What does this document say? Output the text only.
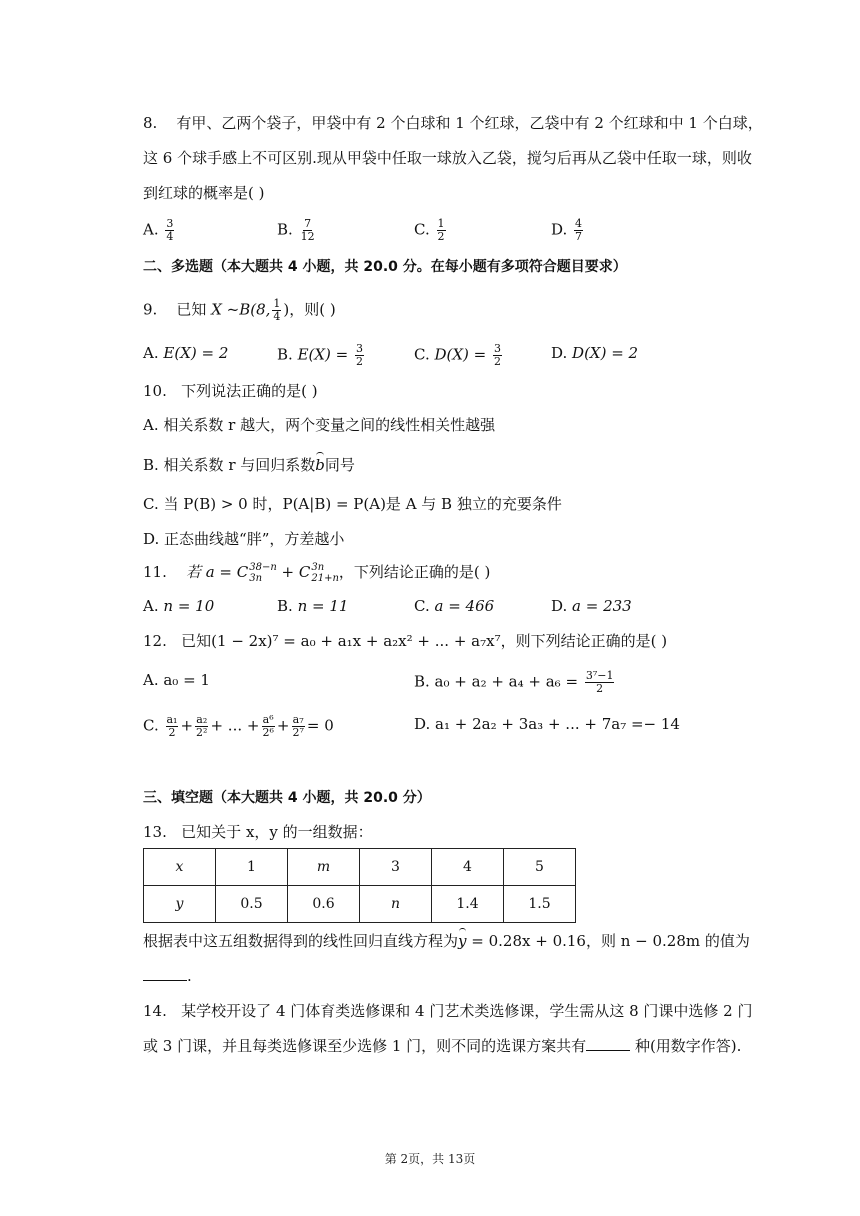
8. 有甲、乙两个袋子，甲袋中有 2 个白球和 1 个红球，乙袋中有 2 个红球和中 1 个白球，
这 6 个球手感上不可区别.现从甲袋中任取一球放入乙袋，搅匀后再从乙袋中任取一球，则收
到红球的概率是( )
A. $\frac{3}{4}$	B. $\frac{7}{12}$	C. $\frac{1}{2}$	D. $\frac{4}{7}$
二、多选题（本大题共 4 小题，共 20.0 分。在每小题有多项符合题目要求）
9. 已知 X ~B(8, $\frac{1}{4}$ )，则( )
A. E(X) = 2	B. $E(X) = \frac{3}{2}$	C. $D(X) = \frac{3}{2}$	D. D(X) = 2
10. 下列说法正确的是( )
A. 相关系数 r 越大，两个变量之间的线性相关性越强
B. 相关系数 r 与回归系数b同号
C. 当 P(B) > 0 时，P(A|B) = P(A)是 A 与 B 独立的充要条件
D. 正态曲线越“胖”，方差越小
11. 若 a = C 38−n
3n + C 3n
21+n ，下列结论正确的是( )
A. n = 10	B. n = 11	C. a = 466	D. a = 233
12. 已知(1 − 2x)⁷ = a₀ + a₁x + a₂x² + ... + a₇x⁷，则下列结论正确的是( )
A. a₀ = 1	B. $a_0 + a_2 + a_4 + a_6 = \frac{\text{3⁷−1}}{2}$
C. $\frac{\text{a₁}}{2} + \frac{\text{a₂}}{\text{2²}}$ + ... + $\frac{\text{a⁶}}{\text{2⁶}} + \frac{\text{a₇}}{\text{2⁷}} = 0$	D. a₁ + 2a₂ + 3a₃ + ... + 7a₇ =− 14
三、填空题（本大题共 4 小题，共 20.0 分）
13. 已知关于 x，y 的一组数据：
x	1	m	3	4	5
y	0.5	0.6	n	1.4	1.5
根据表中这五组数据得到的线性回归直线方程为y = 0.28x + 0.16，则 n − 0.28m 的值为
.
14. 某学校开设了 4 门体育类选修课和 4 门艺术类选修课，学生需从这 8 门课中选修 2 门
或 3 门课，并且每类选修课至少选修 1 门，则不同的选课方案共有	种(用数字作答).
第 2页，共 13页
